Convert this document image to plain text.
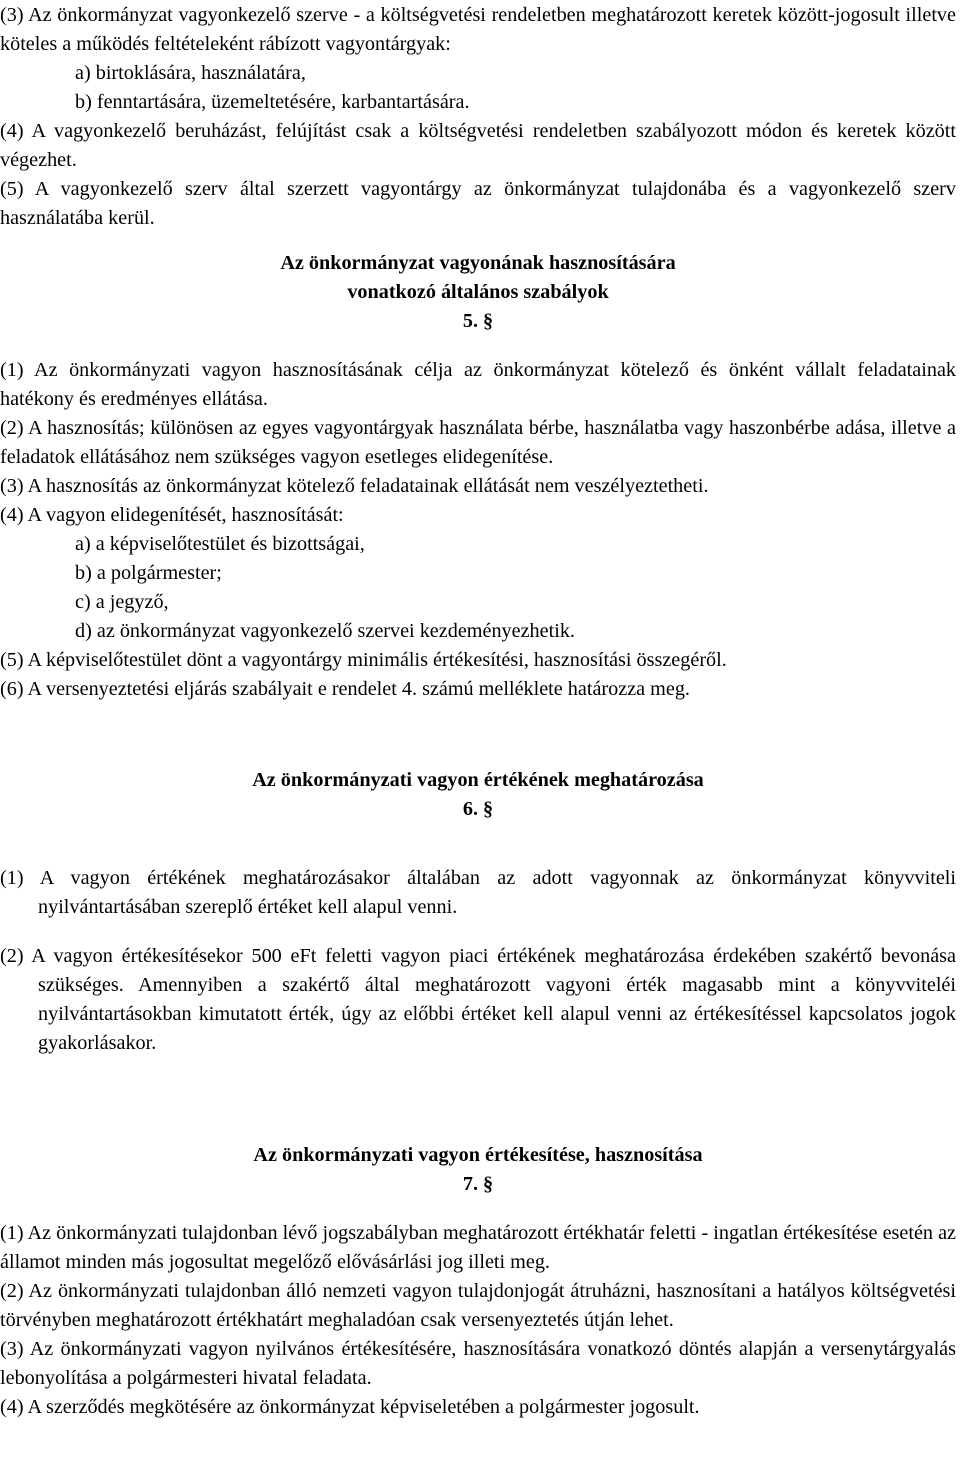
(3) Az önkormányzat vagyonkezelő szerve - a költségvetési rendeletben meghatározott keretek között-jogosult illetve köteles a működés feltételeként rábízott vagyontárgyak:

a) birtoklására, használatára,

b) fenntartására, üzemeltetésére, karbantartására.

(4) A vagyonkezelő beruházást, felújítást csak a költségvetési rendeletben szabályozott módon és keretek között végezhet.

(5) A vagyonkezelő szerv által szerzett vagyontárgy az önkormányzat tulajdonába és a vagyonkezelő szerv használatába kerül.

Az önkormányzat vagyonának hasznosítására

vonatkozó általános szabályok

5. §

(1) Az önkormányzati vagyon hasznosításának célja az önkormányzat kötelező és önként vállalt feladatainak hatékony és eredményes ellátása.

(2) A hasznosítás; különösen az egyes vagyontárgyak használata bérbe, használatba vagy haszonbérbe adása, illetve a feladatok ellátásához nem szükséges vagyon esetleges elidegenítése.

(3) A hasznosítás az önkormányzat kötelező feladatainak ellátását nem veszélyeztetheti.

(4) A vagyon elidegenítését, hasznosítását:

a) a képviselőtestület és bizottságai,

b) a polgármester;

c) a jegyző,

d) az önkormányzat vagyonkezelő szervei kezdeményezhetik.

(5) A képviselőtestület dönt a vagyontárgy minimális értékesítési, hasznosítási összegéről.

(6) A versenyeztetési eljárás szabályait e rendelet 4. számú melléklete határozza meg.

Az önkormányzati vagyon értékének meghatározása

6. §

(1) A vagyon értékének meghatározásakor általában az adott vagyonnak az önkormányzat könyvviteli nyilvántartásában szereplő értéket kell alapul venni.

(2) A vagyon értékesítésekor 500 eFt feletti vagyon piaci értékének meghatározása érdekében szakértő bevonása szükséges. Amennyiben a szakértő által meghatározott vagyoni érték magasabb mint a könyvviteléi nyilvántartásokban kimutatott érték, úgy az előbbi értéket kell alapul venni az értékesítéssel kapcsolatos jogok gyakorlásakor.

Az önkormányzati vagyon értékesítése, hasznosítása

7. §

(1) Az önkormányzati tulajdonban lévő jogszabályban meghatározott értékhatár feletti - ingatlan értékesítése esetén az államot minden más jogosultat megelőző elővásárlási jog illeti meg.

(2) Az önkormányzati tulajdonban álló nemzeti vagyon tulajdonjogát átruházni, hasznosítani a hatályos költségvetési törvényben meghatározott értékhatárt meghaladóan csak versenyeztetés útján lehet.

(3) Az önkormányzati vagyon nyilvános értékesítésére, hasznosítására vonatkozó döntés alapján a versenytárgyalás lebonyolítása a polgármesteri hivatal feladata.

(4) A szerződés megkötésére az önkormányzat képviseletében a polgármester jogosult.
